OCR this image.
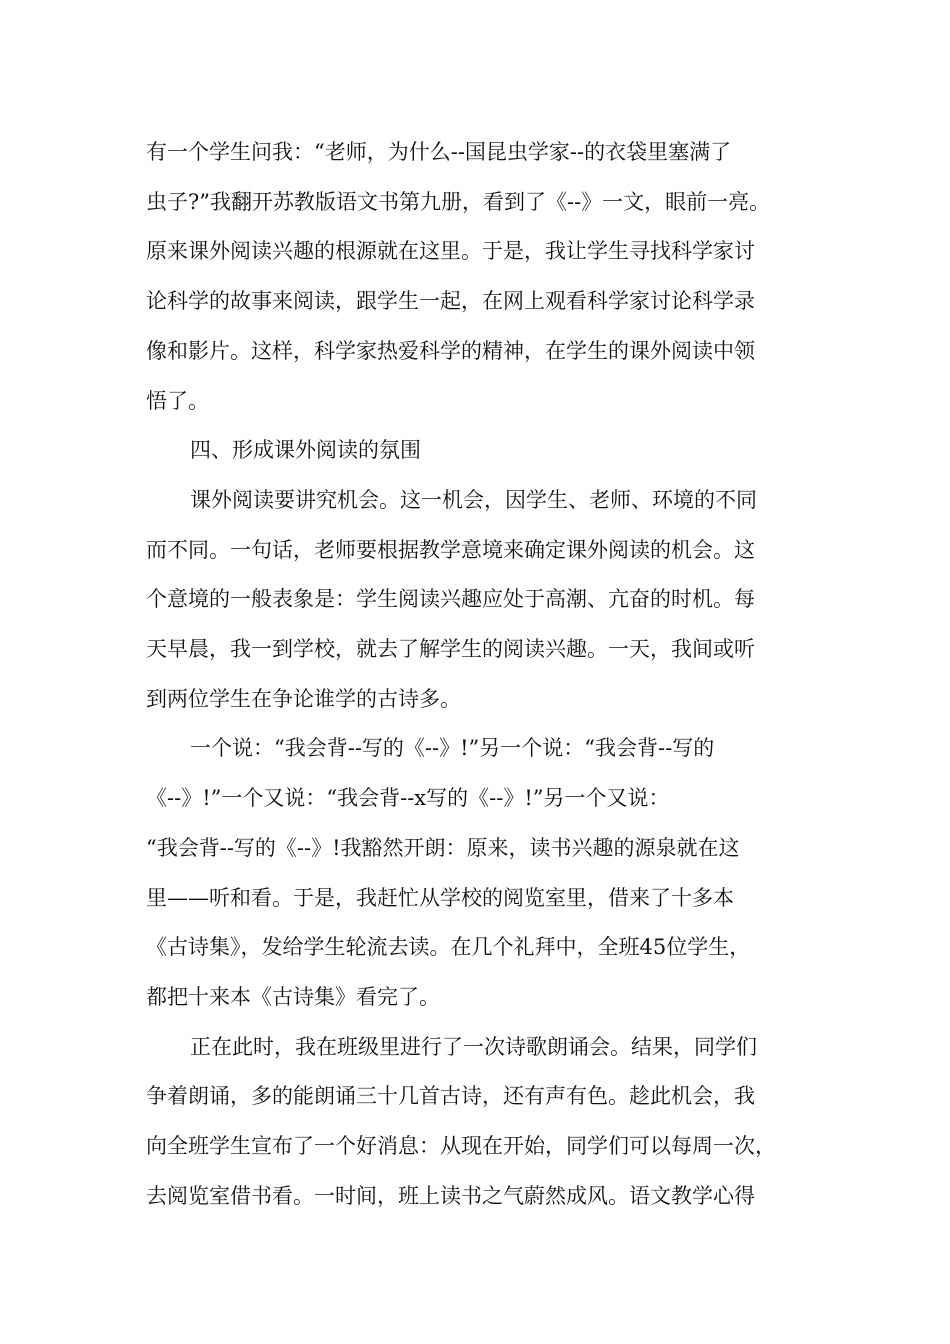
有一个学生问我：“老师，为什么--国昆虫学家--的衣袋里塞满了
虫子?”我翻开苏教版语文书第九册，看到了《--》一文，眼前一亮。
原来课外阅读兴趣的根源就在这里。于是，我让学生寻找科学家讨
论科学的故事来阅读，跟学生一起，在网上观看科学家讨论科学录
像和影片。这样，科学家热爱科学的精神，在学生的课外阅读中领
悟了。

四、形成课外阅读的氛围

课外阅读要讲究机会。这一机会，因学生、老师、环境的不同
而不同。一句话，老师要根据教学意境来确定课外阅读的机会。这
个意境的一般表象是：学生阅读兴趣应处于高潮、亢奋的时机。每
天早晨，我一到学校，就去了解学生的阅读兴趣。一天，我间或听
到两位学生在争论谁学的古诗多。

一个说：“我会背--写的《--》!”另一个说：“我会背--写的
《--》!”一个又说：“我会背--x写的《--》!”另一个又说：
“我会背--写的《--》!我豁然开朗：原来，读书兴趣的源泉就在这
里——听和看。于是，我赶忙从学校的阅览室里，借来了十多本
《古诗集》，发给学生轮流去读。在几个礼拜中，全班45位学生，
都把十来本《古诗集》看完了。

正在此时，我在班级里进行了一次诗歌朗诵会。结果，同学们
争着朗诵，多的能朗诵三十几首古诗，还有声有色。趁此机会，我
向全班学生宣布了一个好消息：从现在开始，同学们可以每周一次，
去阅览室借书看。一时间，班上读书之气蔚然成风。语文教学心得
